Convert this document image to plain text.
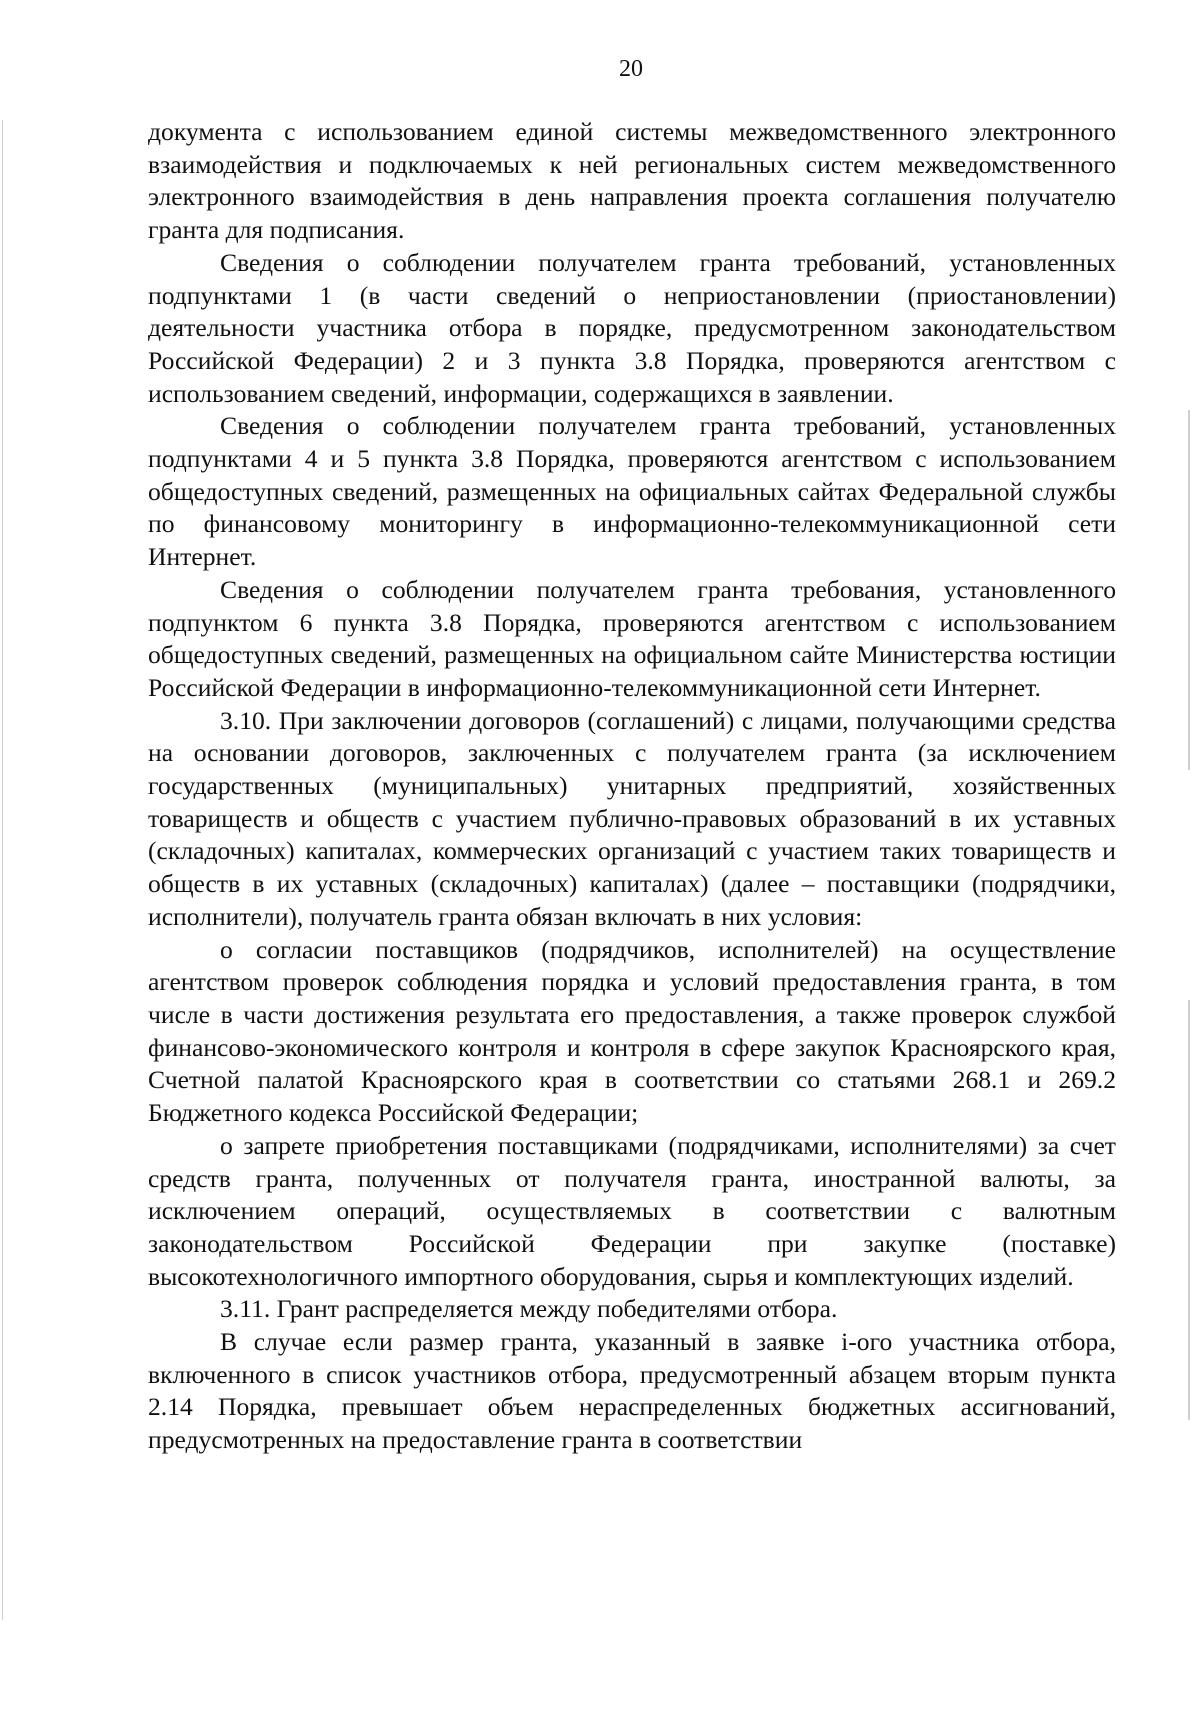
20

документа с использованием единой системы межведомственного электронного взаимодействия и подключаемых к ней региональных систем межведомственного электронного взаимодействия в день направления проекта соглашения получателю гранта для подписания.

Сведения о соблюдении получателем гранта требований, установленных подпунктами 1 (в части сведений о неприостановлении (приостановлении) деятельности участника отбора в порядке, предусмотренном законодательством Российской Федерации) 2 и 3 пункта 3.8 Порядка, проверяются агентством с использованием сведений, информации, содержащихся в заявлении.

Сведения о соблюдении получателем гранта требований, установленных подпунктами 4 и 5 пункта 3.8 Порядка, проверяются агентством с использованием общедоступных сведений, размещенных на официальных сайтах Федеральной службы по финансовому мониторингу в информационно-телекоммуникационной сети Интернет.

Сведения о соблюдении получателем гранта требования, установленного подпунктом 6 пункта 3.8 Порядка, проверяются агентством с использованием общедоступных сведений, размещенных на официальном сайте Министерства юстиции Российской Федерации в информационно-телекоммуникационной сети Интернет.

3.10. При заключении договоров (соглашений) с лицами, получающими средства на основании договоров, заключенных с получателем гранта (за исключением государственных (муниципальных) унитарных предприятий, хозяйственных товариществ и обществ с участием публично-правовых образований в их уставных (складочных) капиталах, коммерческих организаций с участием таких товариществ и обществ в их уставных (складочных) капиталах) (далее – поставщики (подрядчики, исполнители), получатель гранта обязан включать в них условия:

о согласии поставщиков (подрядчиков, исполнителей) на осуществление агентством проверок соблюдения порядка и условий предоставления гранта, в том числе в части достижения результата его предоставления, а также проверок службой финансово-экономического контроля и контроля в сфере закупок Красноярского края, Счетной палатой Красноярского края в соответствии со статьями 268.1 и 269.2 Бюджетного кодекса Российской Федерации;

о запрете приобретения поставщиками (подрядчиками, исполнителями) за счет средств гранта, полученных от получателя гранта, иностранной валюты, за исключением операций, осуществляемых в соответствии с валютным законодательством Российской Федерации при закупке (поставке) высокотехнологичного импортного оборудования, сырья и комплектующих изделий.

3.11. Грант распределяется между победителями отбора.

В случае если размер гранта, указанный в заявке i-ого участника отбора, включенного в список участников отбора, предусмотренный абзацем вторым пункта 2.14 Порядка, превышает объем нераспределенных бюджетных ассигнований, предусмотренных на предоставление гранта в соответствии
